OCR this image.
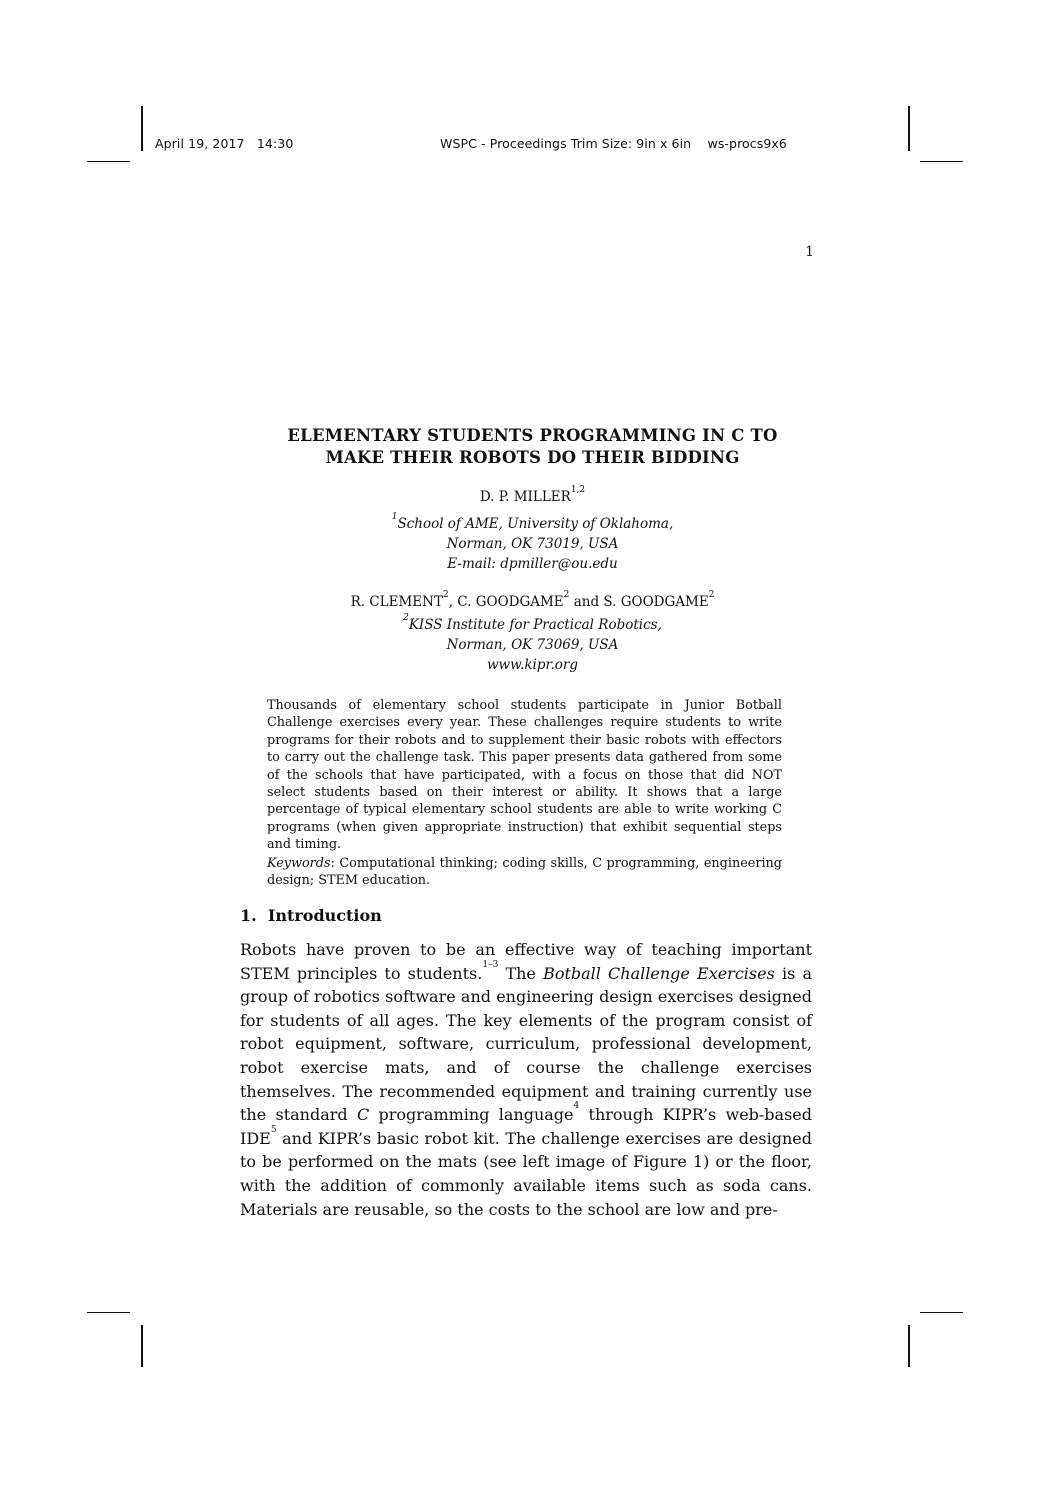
April 19, 2017 14:30	WSPC - Proceedings Trim Size: 9in x 6in ws-procs9x6
1
ELEMENTARY STUDENTS PROGRAMMING IN C TO
MAKE THEIR ROBOTS DO THEIR BIDDING
D. P. MILLER$^{1,2}$
$^1$School of AME, University of Oklahoma,
Norman, OK 73019, USA
E-mail: dpmiller@ou.edu
R. CLEMENT$^2$, C. GOODGAME$^2$ and S. GOODGAME$^2$
$^2$KISS Institute for Practical Robotics,
Norman, OK 73069, USA
www.kipr.org

Thousands of elementary school students participate in Junior Botball Challenge exercises every year. These challenges require students to write programs for their robots and to supplement their basic robots with effectors to carry out the challenge task. This paper presents data gathered from some of the schools that have participated, with a focus on those that did NOT select students based on their interest or ability. It shows that a large percentage of typical elementary school students are able to write working C programs (when given appropriate instruction) that exhibit sequential steps and timing.

Keywords: Computational thinking; coding skills, C programming, engineering design; STEM education.
1. Introduction

Robots have proven to be an effective way of teaching important STEM principles to students.$^{1-3}$ The Botball Challenge Exercises is a group of robotics software and engineering design exercises designed for students of all ages. The key elements of the program consist of robot equipment, software, curriculum, professional development, robot exercise mats, and of course the challenge exercises themselves. The recommended equipment and training currently use the standard C programming language$^4$ through KIPR’s web-based IDE$^5$ and KIPR’s basic robot kit. The challenge exercises are designed to be performed on the mats (see left image of Figure 1) or the floor, with the addition of commonly available items such as soda cans. Materials are reusable, so the costs to the school are low and pre-
